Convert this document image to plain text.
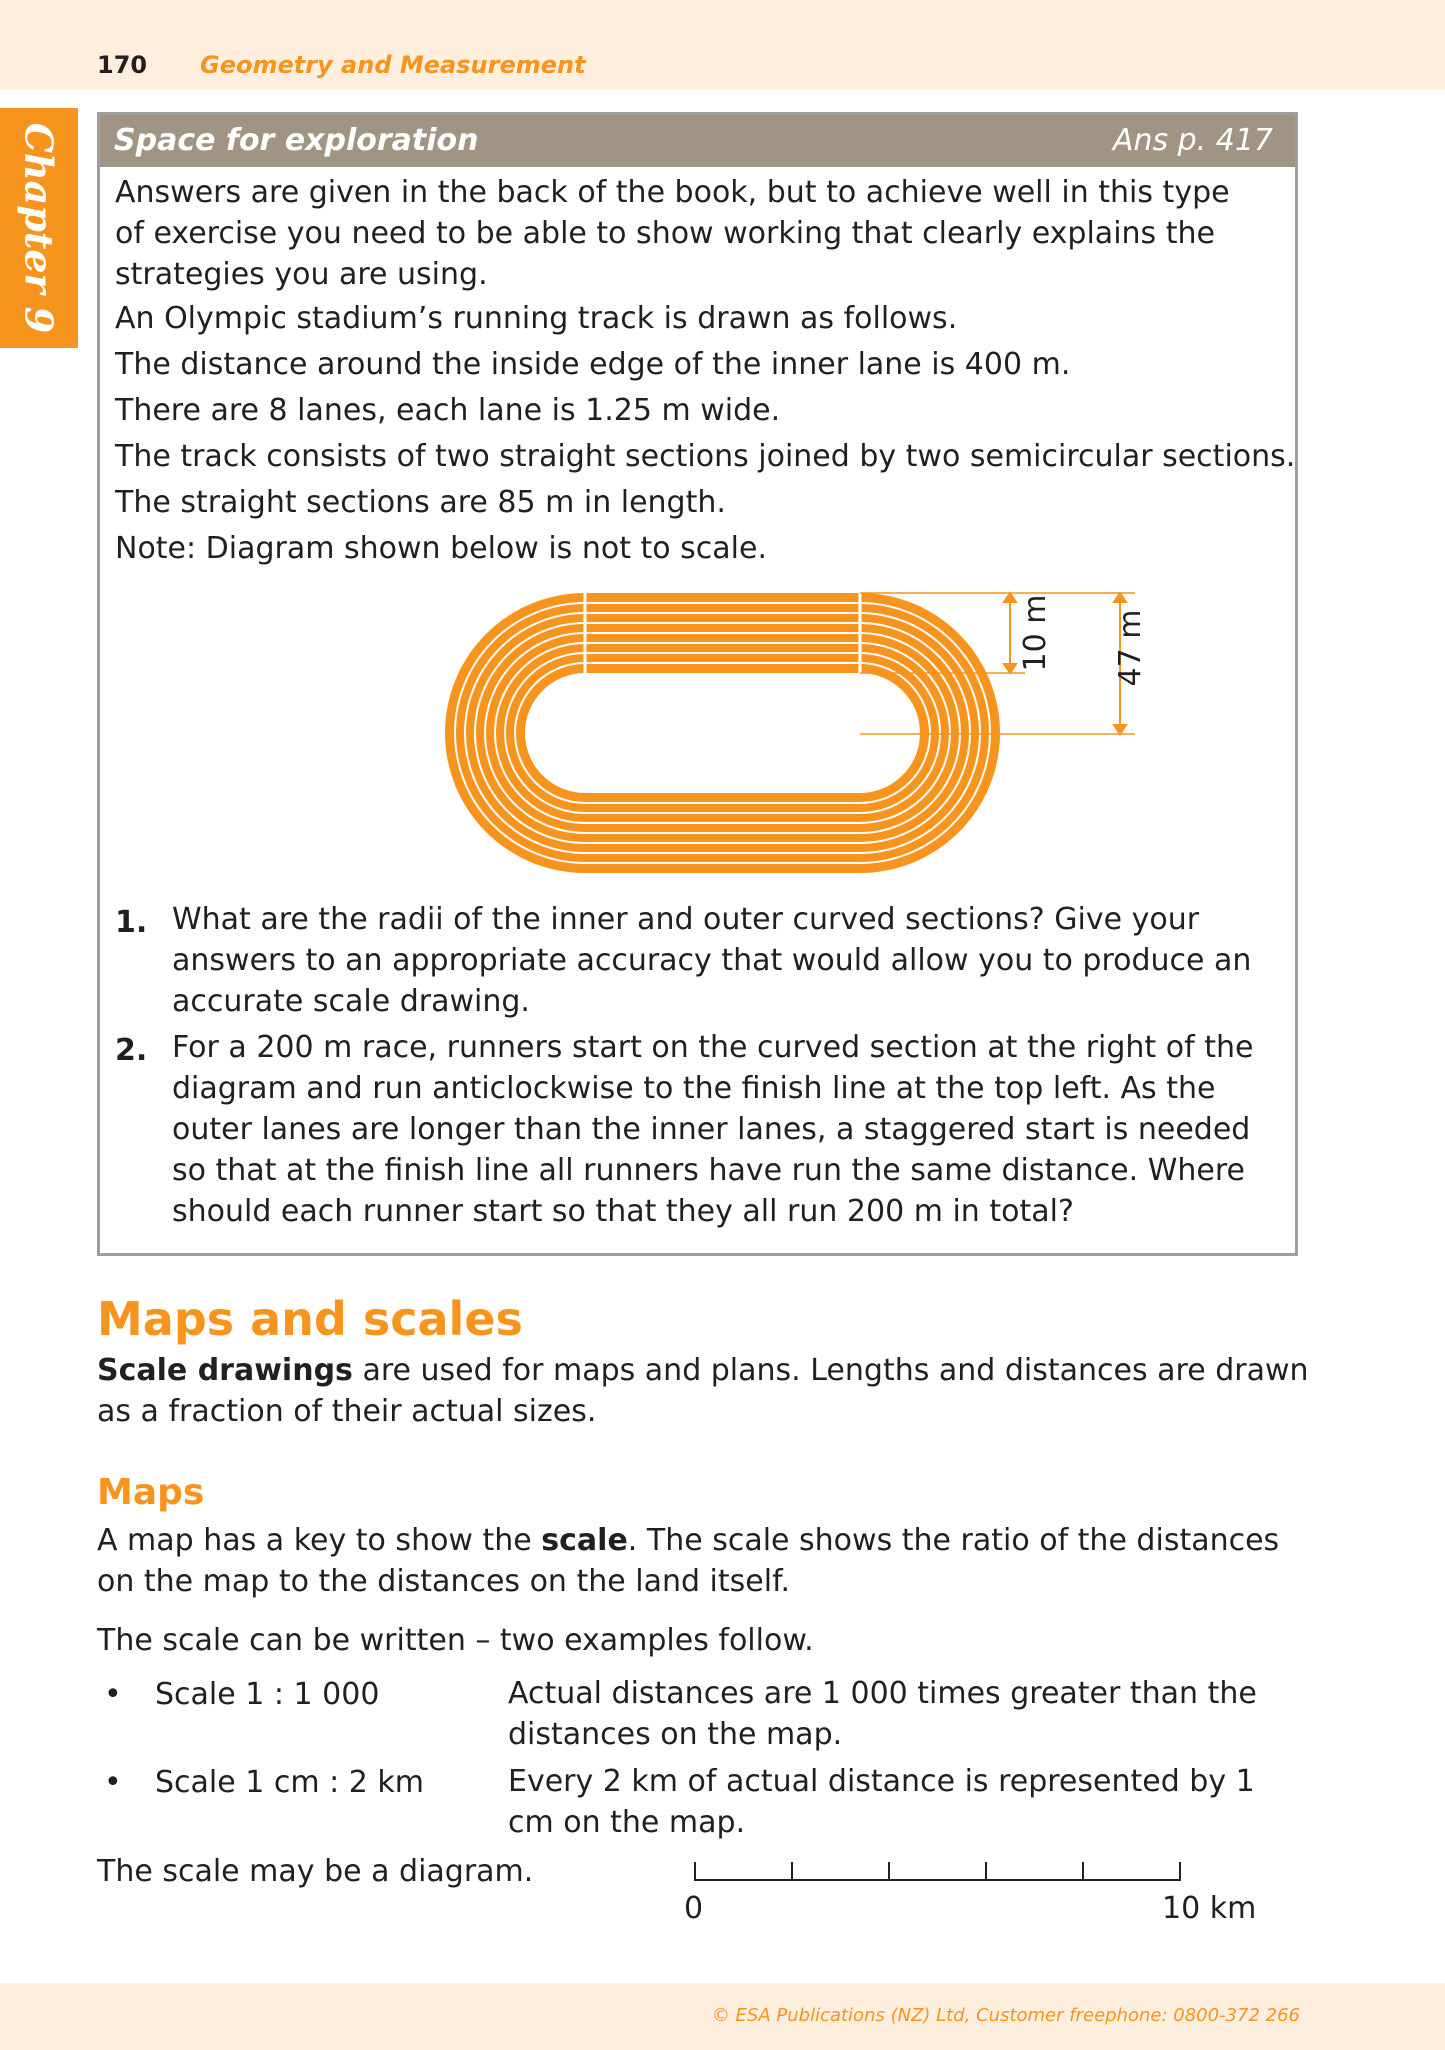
170 Geometry and Measurement
Chapter 9 Space for exploration	Ans p. 417
Answers are given in the back of the book, but to achieve well in this type
of exercise you need to be able to show working that clearly explains the
strategies you are using.
An Olympic stadium’s running track is drawn as follows.
The distance around the inside edge of the inner lane is 400 m.
There are 8 lanes, each lane is 1.25 m wide.
The track consists of two straight sections joined by two semicircular sections.
The straight sections are 85 m in length.
Note: Diagram shown below is not to scale.
1. What are the radii of the inner and outer curved sections? Give your answers to an appropriate accuracy that would allow you to produce an accurate scale drawing.
2. For a 200 m race, runners start on the curved section at the right of the diagram and run anticlockwise to the finish line at the top left. As the outer lanes are longer than the inner lanes, a staggered start is needed so that at the finish line all runners have run the same distance. Where should each runner start so that they all run 200 m in total?
10 m 47 m
Maps and scales
Scale drawings are used for maps and plans. Lengths and distances are drawn as a fraction of their actual sizes.
Maps
A map has a key to show the scale. The scale shows the ratio of the distances on the map to the distances on the land itself.
The scale can be written – two examples follow.
• Scale 1 : 1 000	Actual distances are 1 000 times greater than the distances on the map.
• Scale 1 cm : 2 km	Every 2 km of actual distance is represented by 1 cm on the map.
The scale may be a diagram.
0	10 km
© ESA Publications (NZ) Ltd, Customer freephone: 0800-372 266
